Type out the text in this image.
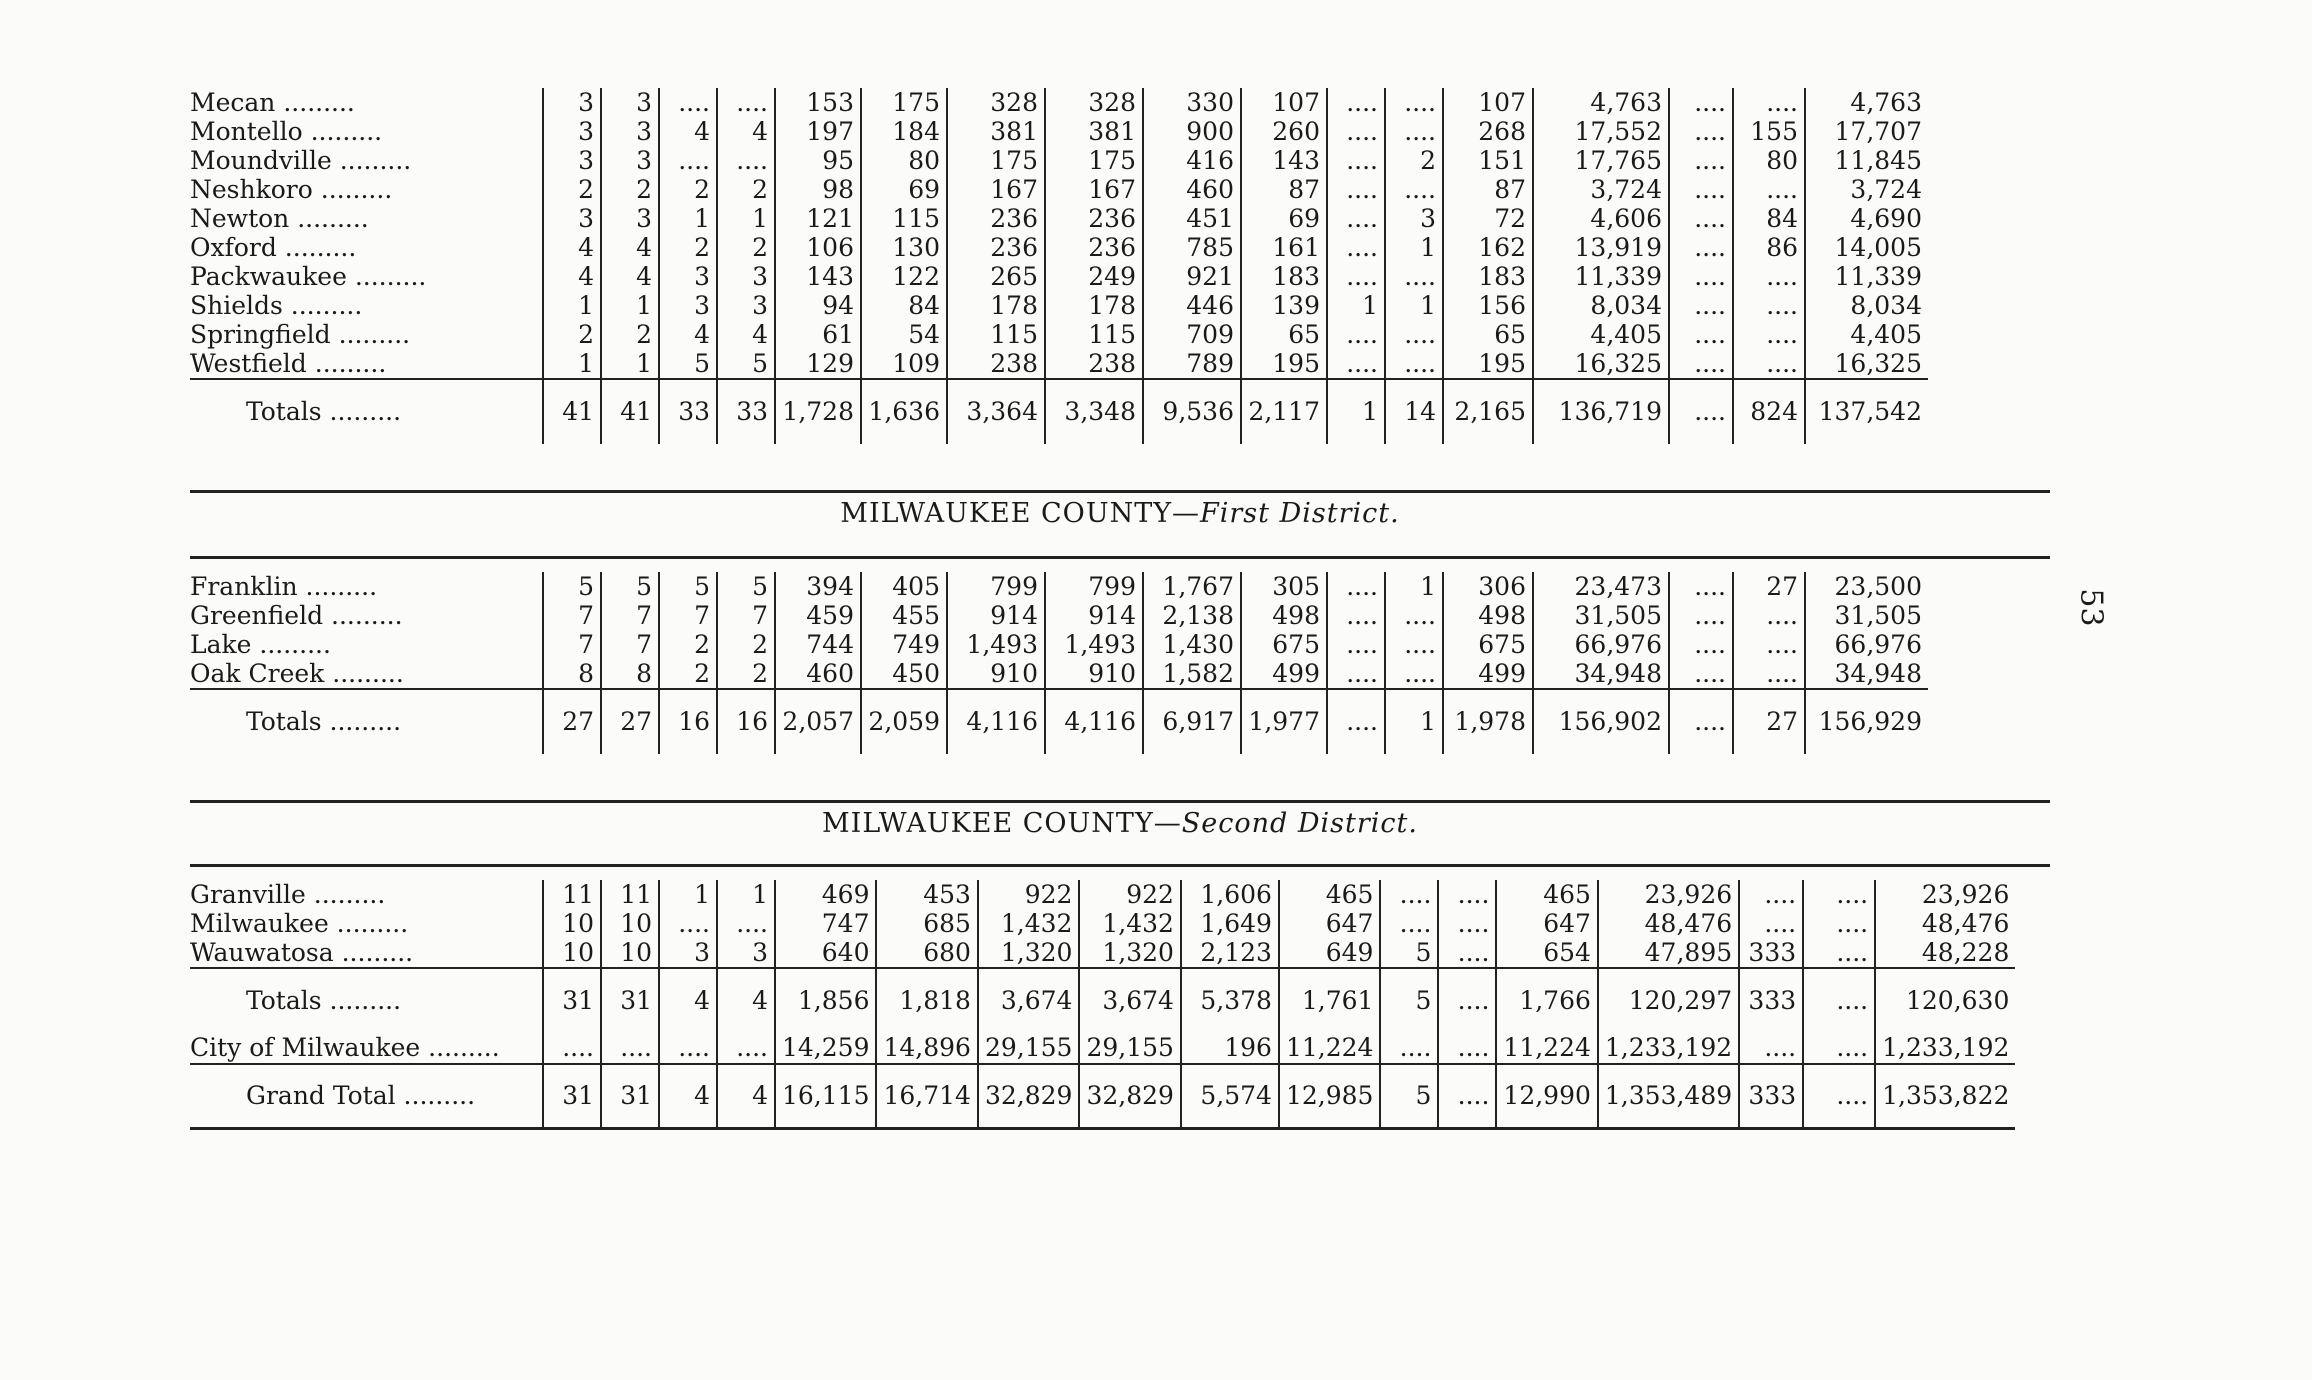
Mecan .........	3	3	....	....	153	175	328	328	330	107	....	....	107	4,763	....	....	4,763
Montello .........	3	3	4	4	197	184	381	381	900	260	....	....	268	17,552	....	155	17,707
Moundville .........	3	3	....	....	95	80	175	175	416	143	....	2	151	17,765	....	80	11,845
Neshkoro .........	2	2	2	2	98	69	167	167	460	87	....	....	87	3,724	....	....	3,724
Newton .........	3	3	1	1	121	115	236	236	451	69	....	3	72	4,606	....	84	4,690
Oxford .........	4	4	2	2	106	130	236	236	785	161	....	1	162	13,919	....	86	14,005
Packwaukee .........	4	4	3	3	143	122	265	249	921	183	....	....	183	11,339	....	....	11,339
Shields .........	1	1	3	3	94	84	178	178	446	139	1	1	156	8,034	....	....	8,034
Springfield .........	2	2	4	4	61	54	115	115	709	65	....	....	65	4,405	....	....	4,405
Westfield .........	1	1	5	5	129	109	238	238	789	195	....	....	195	16,325	....	....	16,325
Totals .........	41	41	33	33	1,728	1,636	3,364	3,348	9,536	2,117	1	14	2,165	136,719	....	824	137,542
MILWAUKEE COUNTY—First District.
Franklin .........	5	5	5	5	394	405	799	799	1,767	305	....	1	306	23,473	....	27	23,500
Greenfield .........	7	7	7	7	459	455	914	914	2,138	498	....	....	498	31,505	....	....	31,505
Lake .........	7	7	2	2	744	749	1,493	1,493	1,430	675	....	....	675	66,976	....	....	66,976
Oak Creek .........	8	8	2	2	460	450	910	910	1,582	499	....	....	499	34,948	....	....	34,948
Totals .........	27	27	16	16	2,057	2,059	4,116	4,116	6,917	1,977	....	1	1,978	156,902	....	27	156,929
MILWAUKEE COUNTY—Second District.
Granville .........	11	11	1	1	469	453	922	922	1,606	465	....	....	465	23,926	....	....	23,926
Milwaukee .........	10	10	....	....	747	685	1,432	1,432	1,649	647	....	....	647	48,476	....	....	48,476
Wauwatosa .........	10	10	3	3	640	680	1,320	1,320	2,123	649	5	....	654	47,895	333	....	48,228
Totals .........	31	31	4	4	1,856	1,818	3,674	3,674	5,378	1,761	5	....	1,766	120,297	333	....	120,630
City of Milwaukee .........	....	....	....	....	14,259	14,896	29,155	29,155	196	11,224	....	....	11,224	1,233,192	....	....	1,233,192
Grand Total .........	31	31	4	4	16,115	16,714	32,829	32,829	5,574	12,985	5	....	12,990	1,353,489	333	....	1,353,822
53
